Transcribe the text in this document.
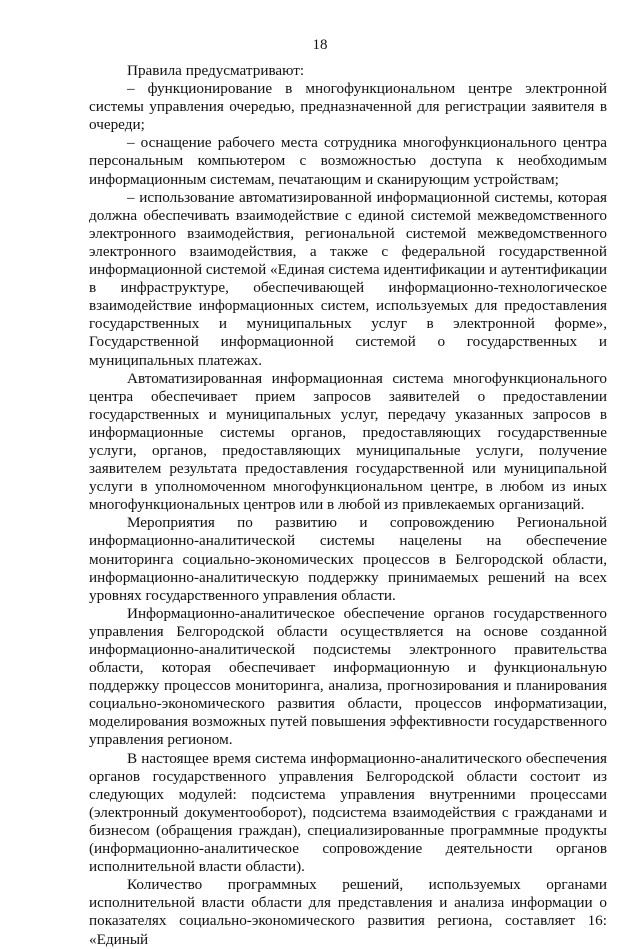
18

Правила предусматривают:

– функционирование в многофункциональном центре электронной системы управления очередью, предназначенной для регистрации заявителя в очереди;

– оснащение рабочего места сотрудника многофункционального центра персональным компьютером с возможностью доступа к необходимым информационным системам, печатающим и сканирующим устройствам;

– использование автоматизированной информационной системы, которая должна обеспечивать взаимодействие с единой системой межведомственного электронного взаимодействия, региональной системой межведомственного электронного взаимодействия, а также с федеральной государственной информационной системой «Единая система идентификации и аутентификации в инфраструктуре, обеспечивающей информационно-технологическое взаимодействие информационных систем, используемых для предоставления государственных и муниципальных услуг в электронной форме», Государственной информационной системой о государственных и муниципальных платежах.

Автоматизированная информационная система многофункционального центра обеспечивает прием запросов заявителей о предоставлении государственных и муниципальных услуг, передачу указанных запросов в информационные системы органов, предоставляющих государственные услуги, органов, предоставляющих муниципальные услуги, получение заявителем результата предоставления государственной или муниципальной услуги в уполномоченном многофункциональном центре, в любом из иных многофункциональных центров или в любой из привлекаемых организаций.

Мероприятия по развитию и сопровождению Региональной информационно-аналитической системы нацелены на обеспечение мониторинга социально-экономических процессов в Белгородской области, информационно-аналитическую поддержку принимаемых решений на всех уровнях государственного управления области.

Информационно-аналитическое обеспечение органов государственного управления Белгородской области осуществляется на основе созданной информационно-аналитической подсистемы электронного правительства области, которая обеспечивает информационную и функциональную поддержку процессов мониторинга, анализа, прогнозирования и планирования социально-экономического развития области, процессов информатизации, моделирования возможных путей повышения эффективности государственного управления регионом.

В настоящее время система информационно-аналитического обеспечения органов государственного управления Белгородской области состоит из следующих модулей: подсистема управления внутренними процессами (электронный документооборот), подсистема взаимодействия с гражданами и бизнесом (обращения граждан), специализированные программные продукты (информационно-аналитическое сопровождение деятельности органов исполнительной власти области).

Количество программных решений, используемых органами исполнительной власти области для представления и анализа информации о показателях социально-экономического развития региона, составляет 16: «Единый
